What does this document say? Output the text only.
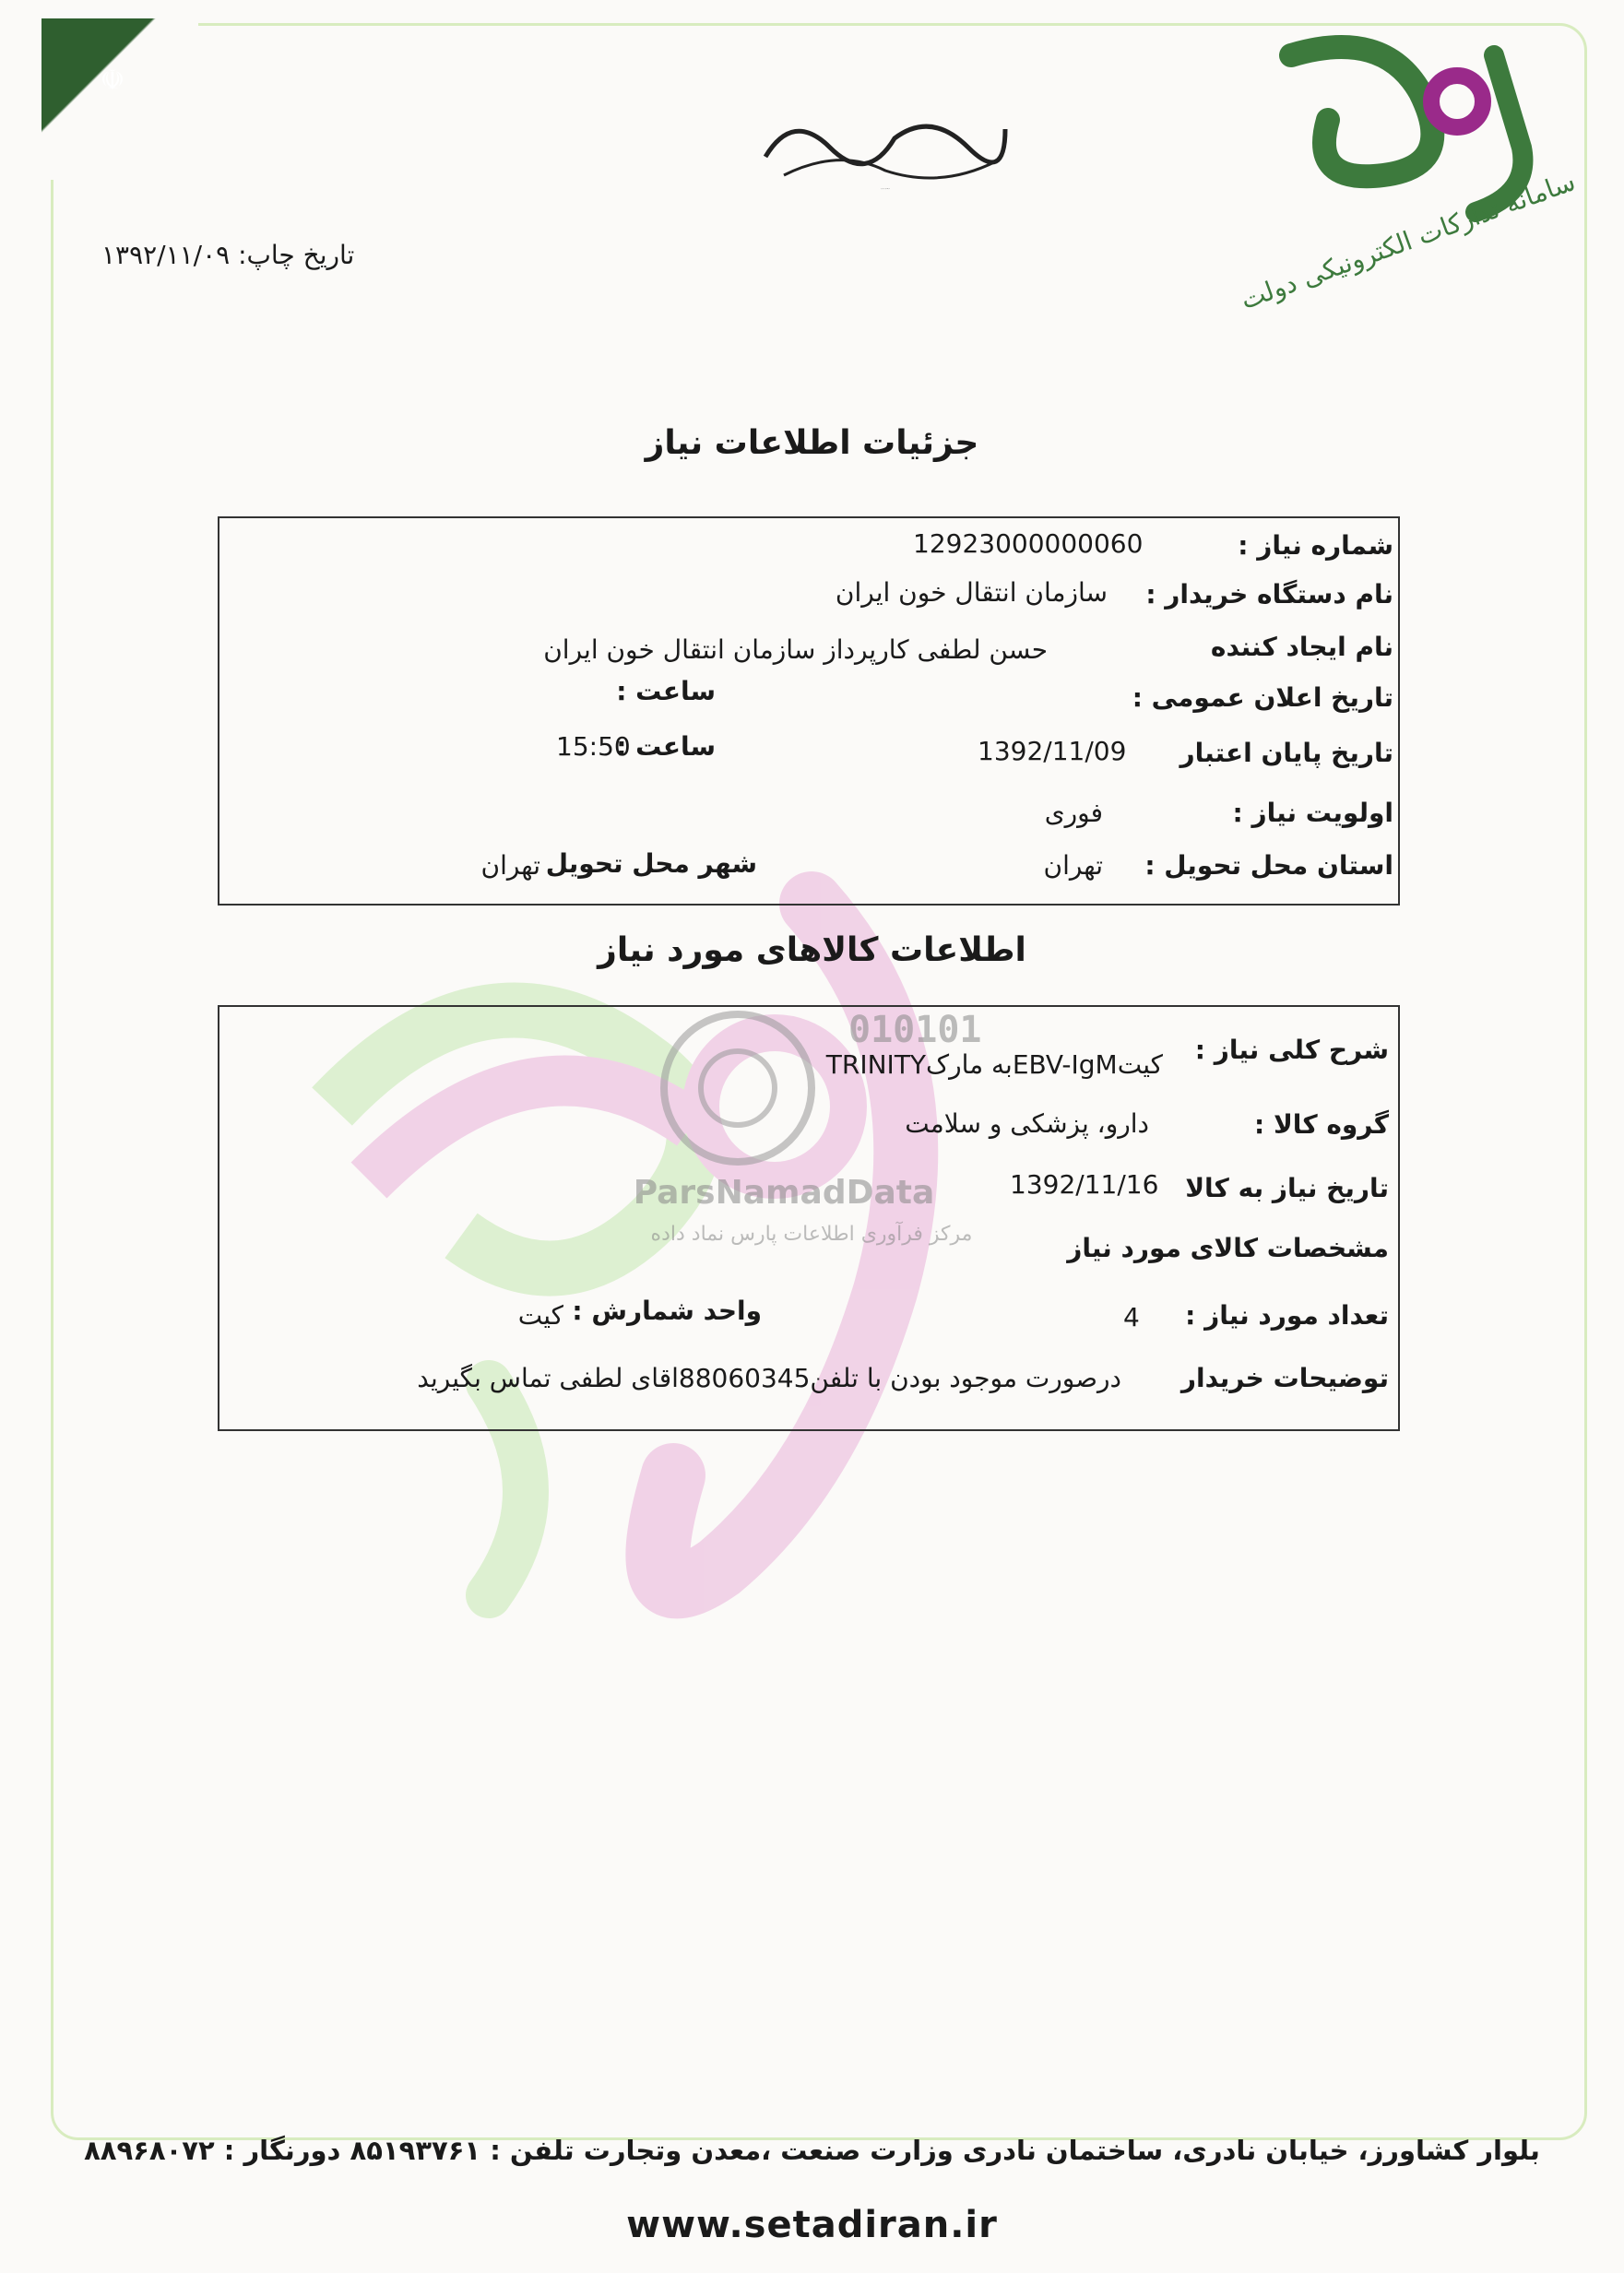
☫
سامانه تدارکات الکترونیکی دولت
بسم الله الرحمن الرحیم
010101
ParsNamadData
مرکز فرآوری اطلاعات پارس نماد داده
تاریخ چاپ: ۱۳۹۲/۱۱/۰۹
جزئیات اطلاعات نیاز
شماره نیاز :
12923000000060
نام دستگاه خریدار :
سازمان انتقال خون ایران
نام ایجاد کننده
حسن لطفی کارپرداز سازمان انتقال خون ایران
تاریخ اعلان عمومی :
ساعت :
تاریخ پایان اعتبار
1392/11/09
ساعت :
15:50
اولویت نیاز :
فوری
استان محل تحویل :
تهران
شهر محل تحویل
تهران
اطلاعات کالاهای مورد نیاز
شرح کلی نیاز :
کیتEBV-IgMبه مارکTRINITY
گروه کالا :
دارو، پزشکی و سلامت
تاریخ نیاز به کالا
1392/11/16
مشخصات کالای مورد نیاز
تعداد مورد نیاز :
4
واحد شمارش :
کیت
توضیحات خریدار
درصورت موجود بودن با تلفن88060345اقای لطفی تماس بگیرید
بلوار کشاورز، خیابان نادری، ساختمان نادری وزارت صنعت ،معدن وتجارت تلفن : ۸۵۱۹۳۷۶۱ دورنگار : ۸۸۹۶۸۰۷۲
www.setadiran.ir
